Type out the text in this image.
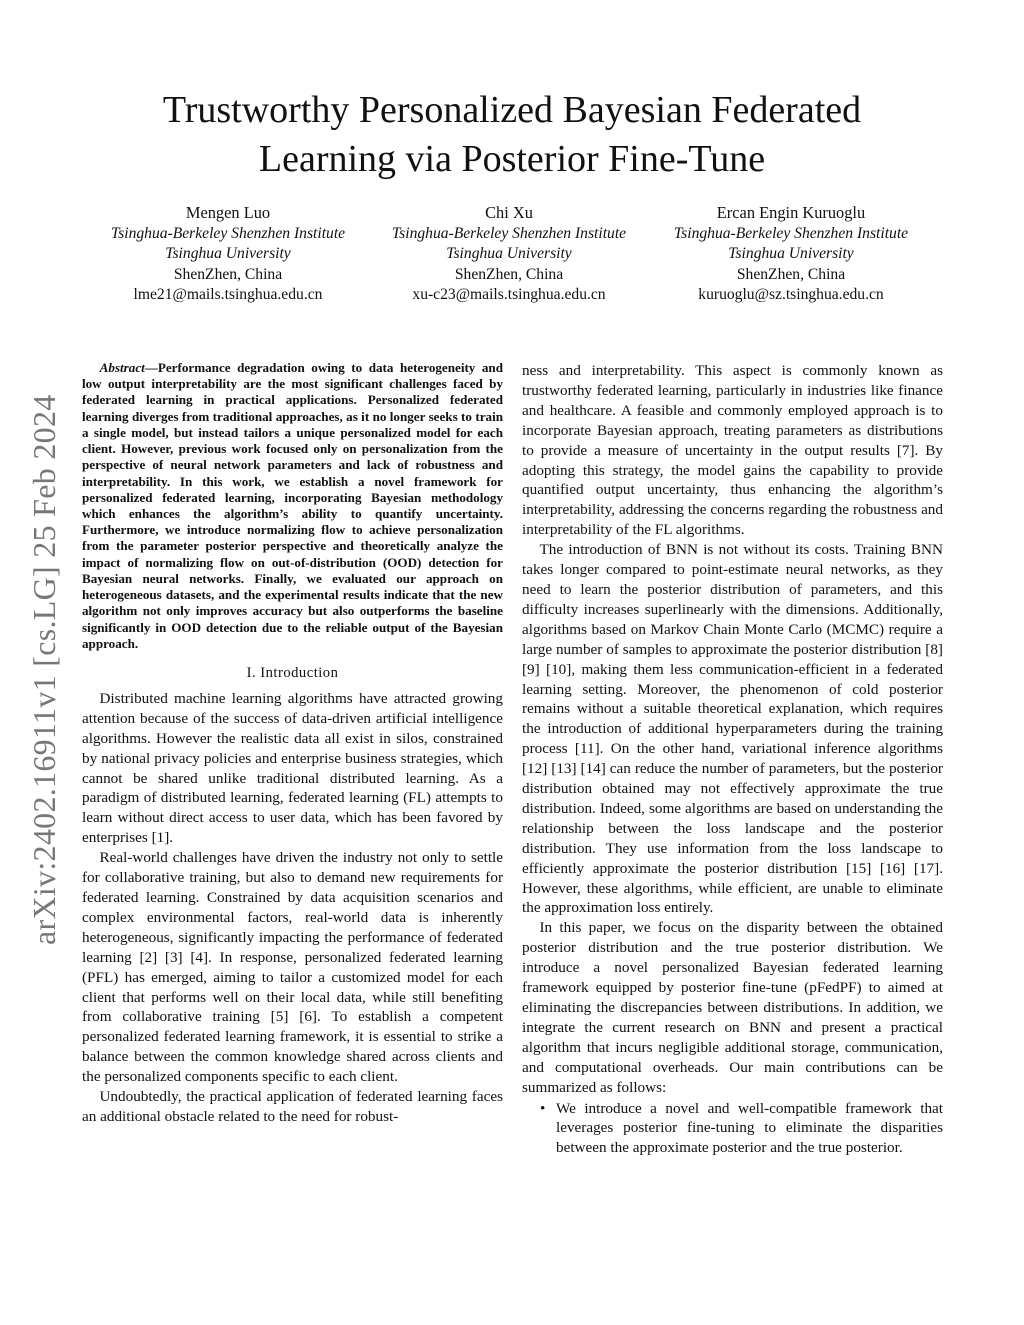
Trustworthy Personalized Bayesian Federated
Learning via Posterior Fine-Tune
Mengen Luo
Tsinghua-Berkeley Shenzhen Institute
Tsinghua University
ShenZhen, China
lme21@mails.tsinghua.edu.cn
Chi Xu
Tsinghua-Berkeley Shenzhen Institute
Tsinghua University
ShenZhen, China
xu-c23@mails.tsinghua.edu.cn
Ercan Engin Kuruoglu
Tsinghua-Berkeley Shenzhen Institute
Tsinghua University
ShenZhen, China
kuruoglu@sz.tsinghua.edu.cn
arXiv:2402.16911v1 [cs.LG] 25 Feb 2024

Abstract—Performance degradation owing to data heterogeneity and low output interpretability are the most significant challenges faced by federated learning in practical applications. Personalized federated learning diverges from traditional approaches, as it no longer seeks to train a single model, but instead tailors a unique personalized model for each client. However, previous work focused only on personalization from the perspective of neural network parameters and lack of robustness and interpretability. In this work, we establish a novel framework for personalized federated learning, incorporating Bayesian methodology which enhances the algorithm’s ability to quantify uncertainty. Furthermore, we introduce normalizing flow to achieve personalization from the parameter posterior perspective and theoretically analyze the impact of normalizing flow on out-of-distribution (OOD) detection for Bayesian neural networks. Finally, we evaluated our approach on heterogeneous datasets, and the experimental results indicate that the new algorithm not only improves accuracy but also outperforms the baseline significantly in OOD detection due to the reliable output of the Bayesian approach.

I. Introduction

Distributed machine learning algorithms have attracted growing attention because of the success of data-driven artificial intelligence algorithms. However the realistic data all exist in silos, constrained by national privacy policies and enterprise business strategies, which cannot be shared unlike traditional distributed learning. As a paradigm of distributed learning, federated learning (FL) attempts to learn without direct access to user data, which has been favored by enterprises [1].

Real-world challenges have driven the industry not only to settle for collaborative training, but also to demand new requirements for federated learning. Constrained by data acquisition scenarios and complex environmental factors, real-world data is inherently heterogeneous, significantly impacting the performance of federated learning [2] [3] [4]. In response, personalized federated learning (PFL) has emerged, aiming to tailor a customized model for each client that performs well on their local data, while still benefiting from collaborative training [5] [6]. To establish a competent personalized federated learning framework, it is essential to strike a balance between the common knowledge shared across clients and the personalized components specific to each client.

Undoubtedly, the practical application of federated learning faces an additional obstacle related to the need for robust-

ness and interpretability. This aspect is commonly known as trustworthy federated learning, particularly in industries like finance and healthcare. A feasible and commonly employed approach is to incorporate Bayesian approach, treating parameters as distributions to provide a measure of uncertainty in the output results [7]. By adopting this strategy, the model gains the capability to provide quantified output uncertainty, thus enhancing the algorithm’s interpretability, addressing the concerns regarding the robustness and interpretability of the FL algorithms.

The introduction of BNN is not without its costs. Training BNN takes longer compared to point-estimate neural networks, as they need to learn the posterior distribution of parameters, and this difficulty increases superlinearly with the dimensions. Additionally, algorithms based on Markov Chain Monte Carlo (MCMC) require a large number of samples to approximate the posterior distribution [8] [9] [10], making them less communication-efficient in a federated learning setting. Moreover, the phenomenon of cold posterior remains without a suitable theoretical explanation, which requires the introduction of additional hyperparameters during the training process [11]. On the other hand, variational inference algorithms [12] [13] [14] can reduce the number of parameters, but the posterior distribution obtained may not effectively approximate the true distribution. Indeed, some algorithms are based on understanding the relationship between the loss landscape and the posterior distribution. They use information from the loss landscape to efficiently approximate the posterior distribution [15] [16] [17]. However, these algorithms, while efficient, are unable to eliminate the approximation loss entirely.

In this paper, we focus on the disparity between the obtained posterior distribution and the true posterior distribution. We introduce a novel personalized Bayesian federated learning framework equipped by posterior fine-tune (pFedPF) to aimed at eliminating the discrepancies between distributions. In addition, we integrate the current research on BNN and present a practical algorithm that incurs negligible additional storage, communication, and computational overheads. Our main contributions can be summarized as follows:

• We introduce a novel and well-compatible framework that leverages posterior fine-tuning to eliminate the disparities between the approximate posterior and the true posterior.
